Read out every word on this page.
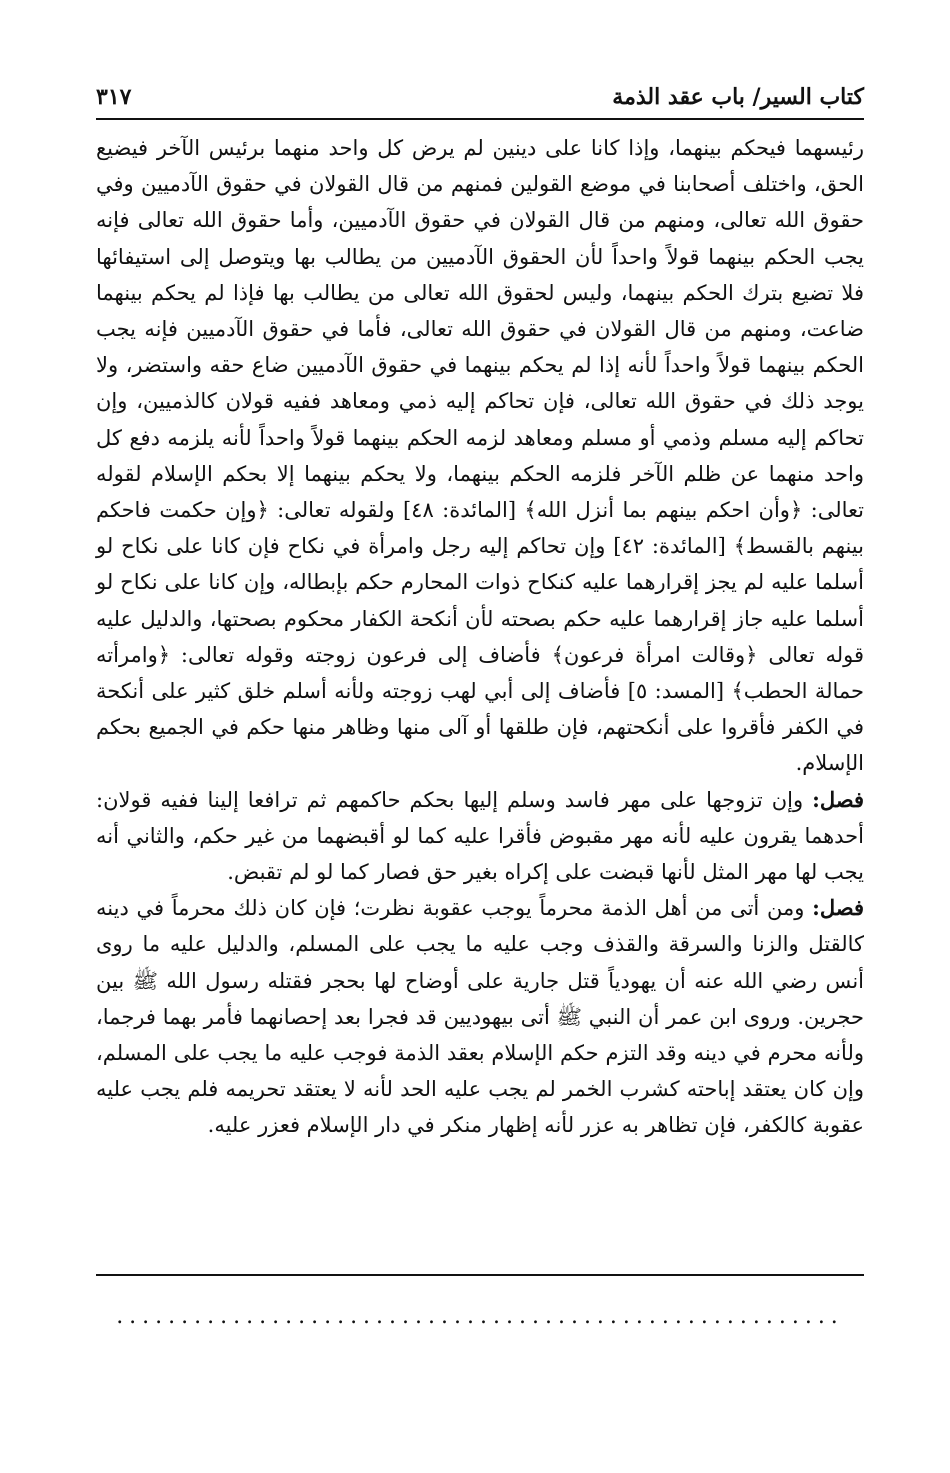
كتاب السير/ باب عقد الذمة
٣١٧

رئيسهما فيحكم بينهما، وإذا كانا على دينين لم يرض كل واحد منهما برئيس الآخر فيضيع الحق، واختلف أصحابنا في موضع القولين فمنهم من قال القولان في حقوق الآدميين وفي حقوق الله تعالى، ومنهم من قال القولان في حقوق الآدميين، وأما حقوق الله تعالى فإنه يجب الحكم بينهما قولاً واحداً لأن الحقوق الآدميين من يطالب بها ويتوصل إلى استيفائها فلا تضيع بترك الحكم بينهما، وليس لحقوق الله تعالى من يطالب بها فإذا لم يحكم بينهما ضاعت، ومنهم من قال القولان في حقوق الله تعالى، فأما في حقوق الآدميين فإنه يجب الحكم بينهما قولاً واحداً لأنه إذا لم يحكم بينهما في حقوق الآدميين ضاع حقه واستضر، ولا يوجد ذلك في حقوق الله تعالى، فإن تحاكم إليه ذمي ومعاهد ففيه قولان كالذميين، وإن تحاكم إليه مسلم وذمي أو مسلم ومعاهد لزمه الحكم بينهما قولاً واحداً لأنه يلزمه دفع كل واحد منهما عن ظلم الآخر فلزمه الحكم بينهما، ولا يحكم بينهما إلا بحكم الإسلام لقوله تعالى: ﴿وأن احكم بينهم بما أنزل الله﴾ [المائدة: ٤٨] ولقوله تعالى: ﴿وإن حكمت فاحكم بينهم بالقسط﴾ [المائدة: ٤٢] وإن تحاكم إليه رجل وامرأة في نكاح فإن كانا على نكاح لو أسلما عليه لم يجز إقرارهما عليه كنكاح ذوات المحارم حكم بإبطاله، وإن كانا على نكاح لو أسلما عليه جاز إقرارهما عليه حكم بصحته لأن أنكحة الكفار محكوم بصحتها، والدليل عليه قوله تعالى ﴿وقالت امرأة فرعون﴾ فأضاف إلى فرعون زوجته وقوله تعالى: ﴿وامرأته حمالة الحطب﴾ [المسد: ٥] فأضاف إلى أبي لهب زوجته ولأنه أسلم خلق كثير على أنكحة في الكفر فأقروا على أنكحتهم، فإن طلقها أو آلى منها وظاهر منها حكم في الجميع بحكم الإسلام.

فصل: وإن تزوجها على مهر فاسد وسلم إليها بحكم حاكمهم ثم ترافعا إلينا ففيه قولان: أحدهما يقرون عليه لأنه مهر مقبوض فأقرا عليه كما لو أقبضهما من غير حكم، والثاني أنه يجب لها مهر المثل لأنها قبضت على إكراه بغير حق فصار كما لو لم تقبض.

فصل: ومن أتى من أهل الذمة محرماً يوجب عقوبة نظرت؛ فإن كان ذلك محرماً في دينه كالقتل والزنا والسرقة والقذف وجب عليه ما يجب على المسلم، والدليل عليه ما روى أنس رضي الله عنه أن يهودياً قتل جارية على أوضاح لها بحجر فقتله رسول الله ﷺ بين حجرين. وروى ابن عمر أن النبي ﷺ أتى بيهوديين قد فجرا بعد إحصانهما فأمر بهما فرجما، ولأنه محرم في دينه وقد التزم حكم الإسلام بعقد الذمة فوجب عليه ما يجب على المسلم، وإن كان يعتقد إباحته كشرب الخمر لم يجب عليه الحد لأنه لا يعتقد تحريمه فلم يجب عليه عقوبة كالكفر، فإن تظاهر به عزر لأنه إظهار منكر في دار الإسلام فعزر عليه.

........................................................
